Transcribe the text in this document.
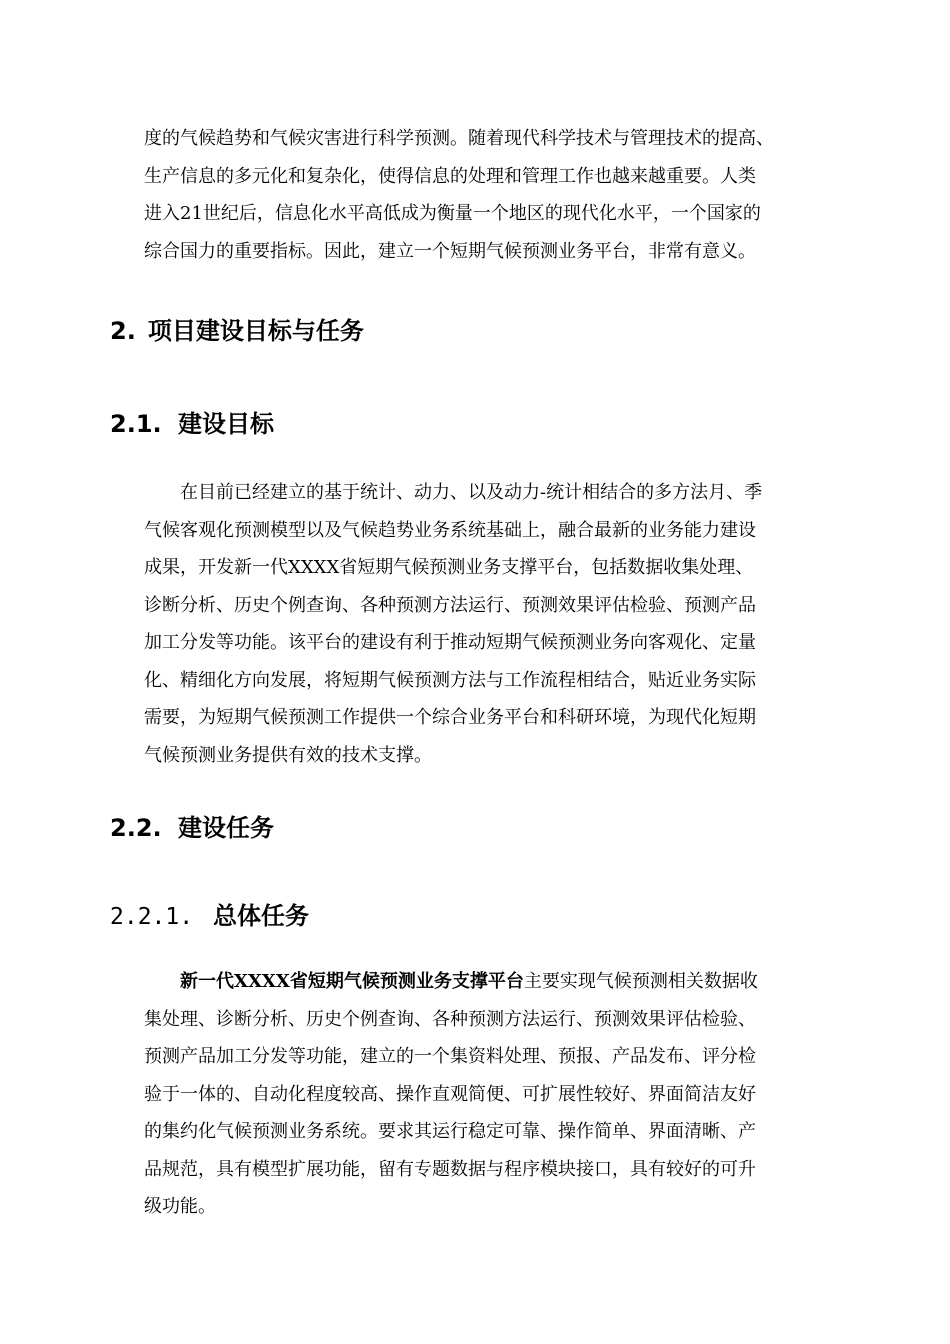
度的气候趋势和气候灾害进行科学预测。随着现代科学技术与管理技术的提高、
生产信息的多元化和复杂化，使得信息的处理和管理工作也越来越重要。人类
进入21世纪后，信息化水平高低成为衡量一个地区的现代化水平，一个国家的
综合国力的重要指标。因此，建立一个短期气候预测业务平台，非常有意义。
2. 项目建设目标与任务
2.1. 建设目标
在目前已经建立的基于统计、动力、以及动力-统计相结合的多方法月、季
气候客观化预测模型以及气候趋势业务系统基础上，融合最新的业务能力建设
成果，开发新一代XXXX省短期气候预测业务支撑平台，包括数据收集处理、
诊断分析、历史个例查询、各种预测方法运行、预测效果评估检验、预测产品
加工分发等功能。该平台的建设有利于推动短期气候预测业务向客观化、定量
化、精细化方向发展，将短期气候预测方法与工作流程相结合，贴近业务实际
需要，为短期气候预测工作提供一个综合业务平台和科研环境，为现代化短期
气候预测业务提供有效的技术支撑。
2.2. 建设任务
2.2.1. 总体任务
新一代XXXX省短期气候预测业务支撑平台主要实现气候预测相关数据收
集处理、诊断分析、历史个例查询、各种预测方法运行、预测效果评估检验、
预测产品加工分发等功能，建立的一个集资料处理、预报、产品发布、评分检
验于一体的、自动化程度较高、操作直观简便、可扩展性较好、界面简洁友好
的集约化气候预测业务系统。要求其运行稳定可靠、操作简单、界面清晰、产
品规范，具有模型扩展功能，留有专题数据与程序模块接口，具有较好的可升
级功能。
